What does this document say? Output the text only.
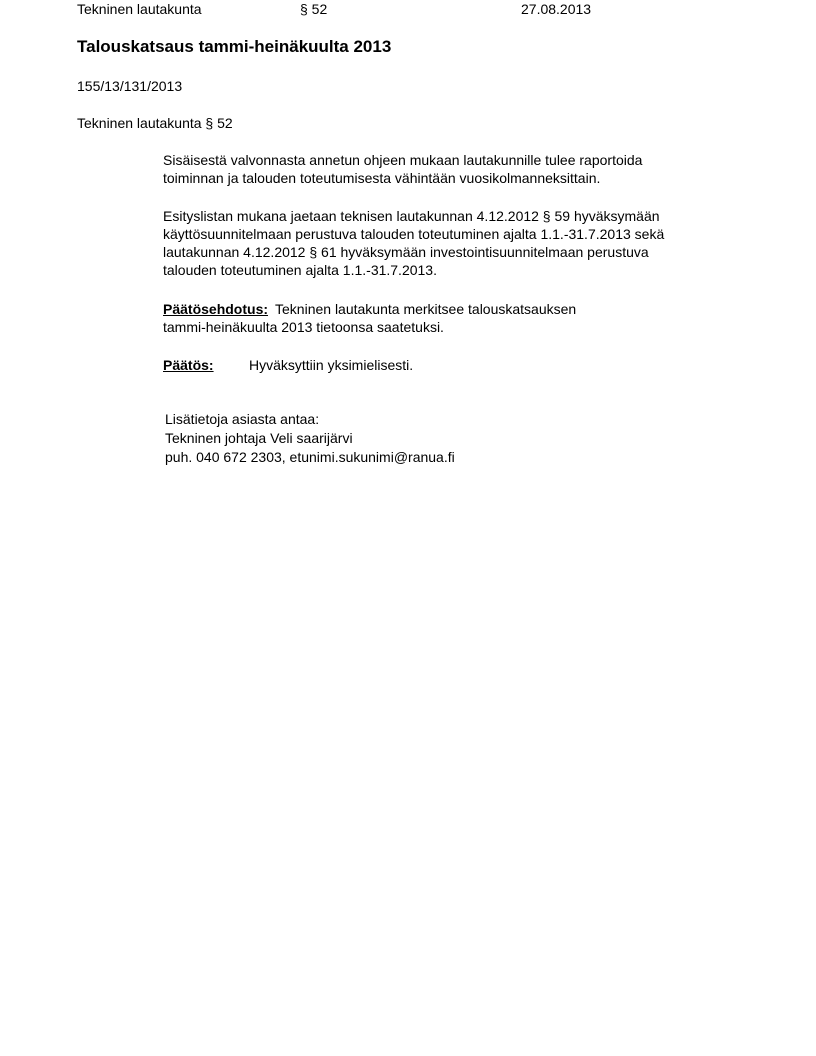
Tekninen lautakunta	§ 52	27.08.2013
Talouskatsaus tammi-heinäkuulta 2013
155/13/131/2013
Tekninen lautakunta § 52
Sisäisestä valvonnasta annetun ohjeen mukaan lautakunnille tulee raportoida
toiminnan ja talouden toteutumisesta vähintään vuosikolmanneksittain.
Esityslistan mukana jaetaan teknisen lautakunnan 4.12.2012 § 59 hyväksymään
käyttösuunnitelmaan perustuva talouden toteutuminen ajalta 1.1.-31.7.2013 sekä
lautakunnan 4.12.2012 § 61 hyväksymään investointisuunnitelmaan perustuva
talouden toteutuminen ajalta 1.1.-31.7.2013.
Päätösehdotus: Tekninen lautakunta merkitsee talouskatsauksen
tammi-heinäkuulta 2013 tietoonsa saatetuksi.
Päätös:	Hyväksyttiin yksimielisesti.
Lisätietoja asiasta antaa:
Tekninen johtaja Veli saarijärvi
puh. 040 672 2303, etunimi.sukunimi@ranua.fi
